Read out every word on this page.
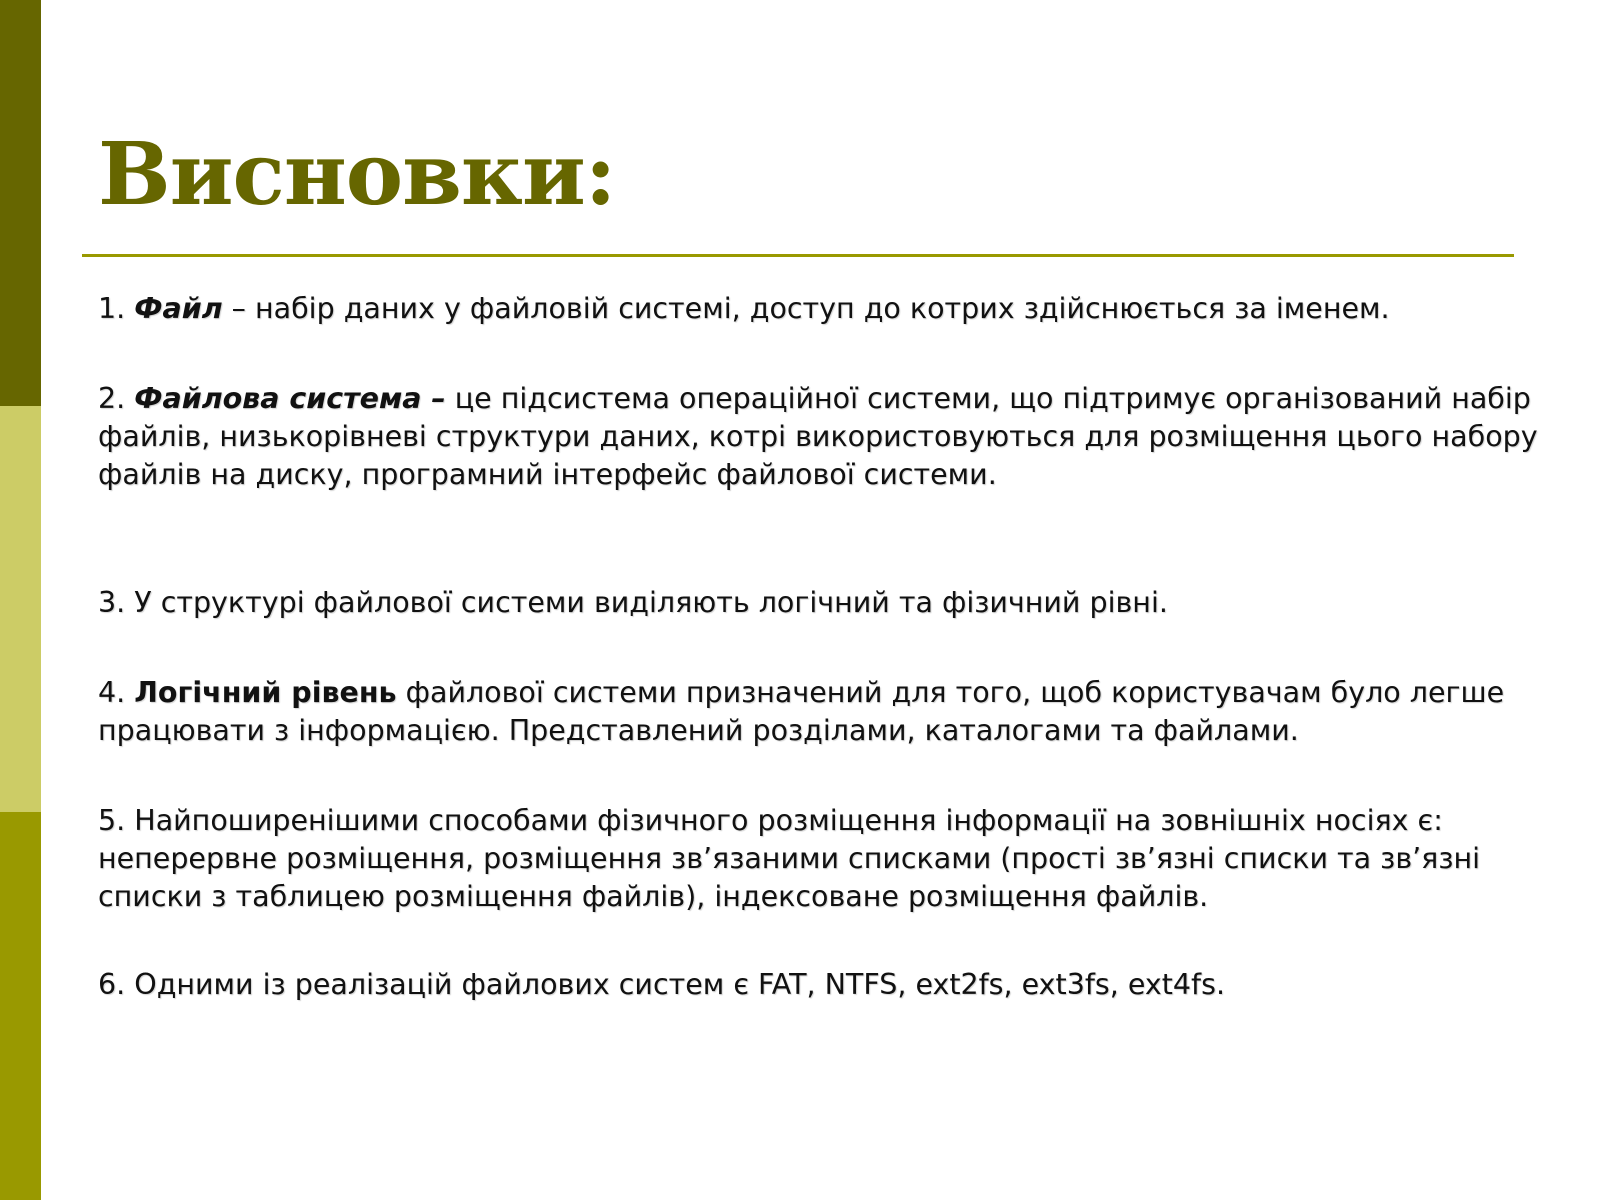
Висновки:

1. Файл – набір даних у файловій системі, доступ до котрих здійснюється за іменем.

2. Файлова система – це підсистема операційної системи, що підтримує організований набір файлів, низькорівневі структури даних, котрі використовуються для розміщення цього набору файлів на диску, програмний інтерфейс файлової системи.

3. У структурі файлової системи виділяють логічний та фізичний рівні.

4. Логічний рівень файлової системи призначений для того, щоб користувачам було легше працювати з інформацією. Представлений розділами, каталогами та файлами.

5. Найпоширенішими способами фізичного розміщення інформації на зовнішніх носіях є: неперервне розміщення, розміщення зв’язаними списками (прості зв’язні списки та зв’язні списки з таблицею розміщення файлів), індексоване розміщення файлів.

6. Одними із реалізацій файлових систем є FAT, NTFS, ext2fs, ext3fs, ext4fs.
